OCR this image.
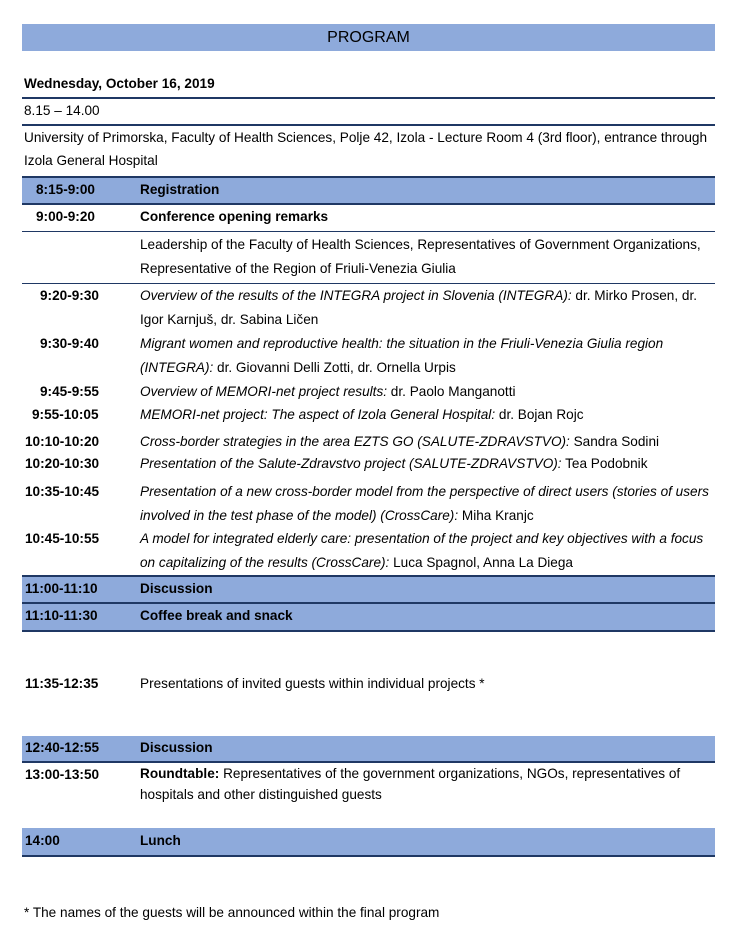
PROGRAM
Wednesday, October 16, 2019
8.15 – 14.00
University of Primorska, Faculty of Health Sciences, Polje 42, Izola - Lecture Room 4 (3rd floor), entrance through Izola General Hospital
8:15-9:00	Registration
9:00-9:20	Conference opening remarks
Leadership of the Faculty of Health Sciences, Representatives of Government Organizations, Representative of the Region of Friuli-Venezia Giulia
9:20-9:30	Overview of the results of the INTEGRA project in Slovenia (INTEGRA): dr. Mirko Prosen, dr. Igor Karnjuš, dr. Sabina Ličen
9:30-9:40	Migrant women and reproductive health: the situation in the Friuli-Venezia Giulia region (INTEGRA): dr. Giovanni Delli Zotti, dr. Ornella Urpis
9:45-9:55	Overview of MEMORI-net project results: dr. Paolo Manganotti
9:55-10:05	MEMORI-net project: The aspect of Izola General Hospital: dr. Bojan Rojc
10:10-10:20	Cross-border strategies in the area EZTS GO (SALUTE-ZDRAVSTVO): Sandra Sodini
10:20-10:30	Presentation of the Salute-Zdravstvo project (SALUTE-ZDRAVSTVO): Tea Podobnik
10:35-10:45	Presentation of a new cross-border model from the perspective of direct users (stories of users involved in the test phase of the model) (CrossCare): Miha Kranjc
10:45-10:55	A model for integrated elderly care: presentation of the project and key objectives with a focus on capitalizing of the results (CrossCare): Luca Spagnol, Anna La Diega
11:00-11:10	Discussion
11:10-11:30	Coffee break and snack
11:35-12:35	Presentations of invited guests within individual projects *
12:40-12:55	Discussion
13:00-13:50	Roundtable: Representatives of the government organizations, NGOs, representatives of hospitals and other distinguished guests
14:00	Lunch
* The names of the guests will be announced within the final program
